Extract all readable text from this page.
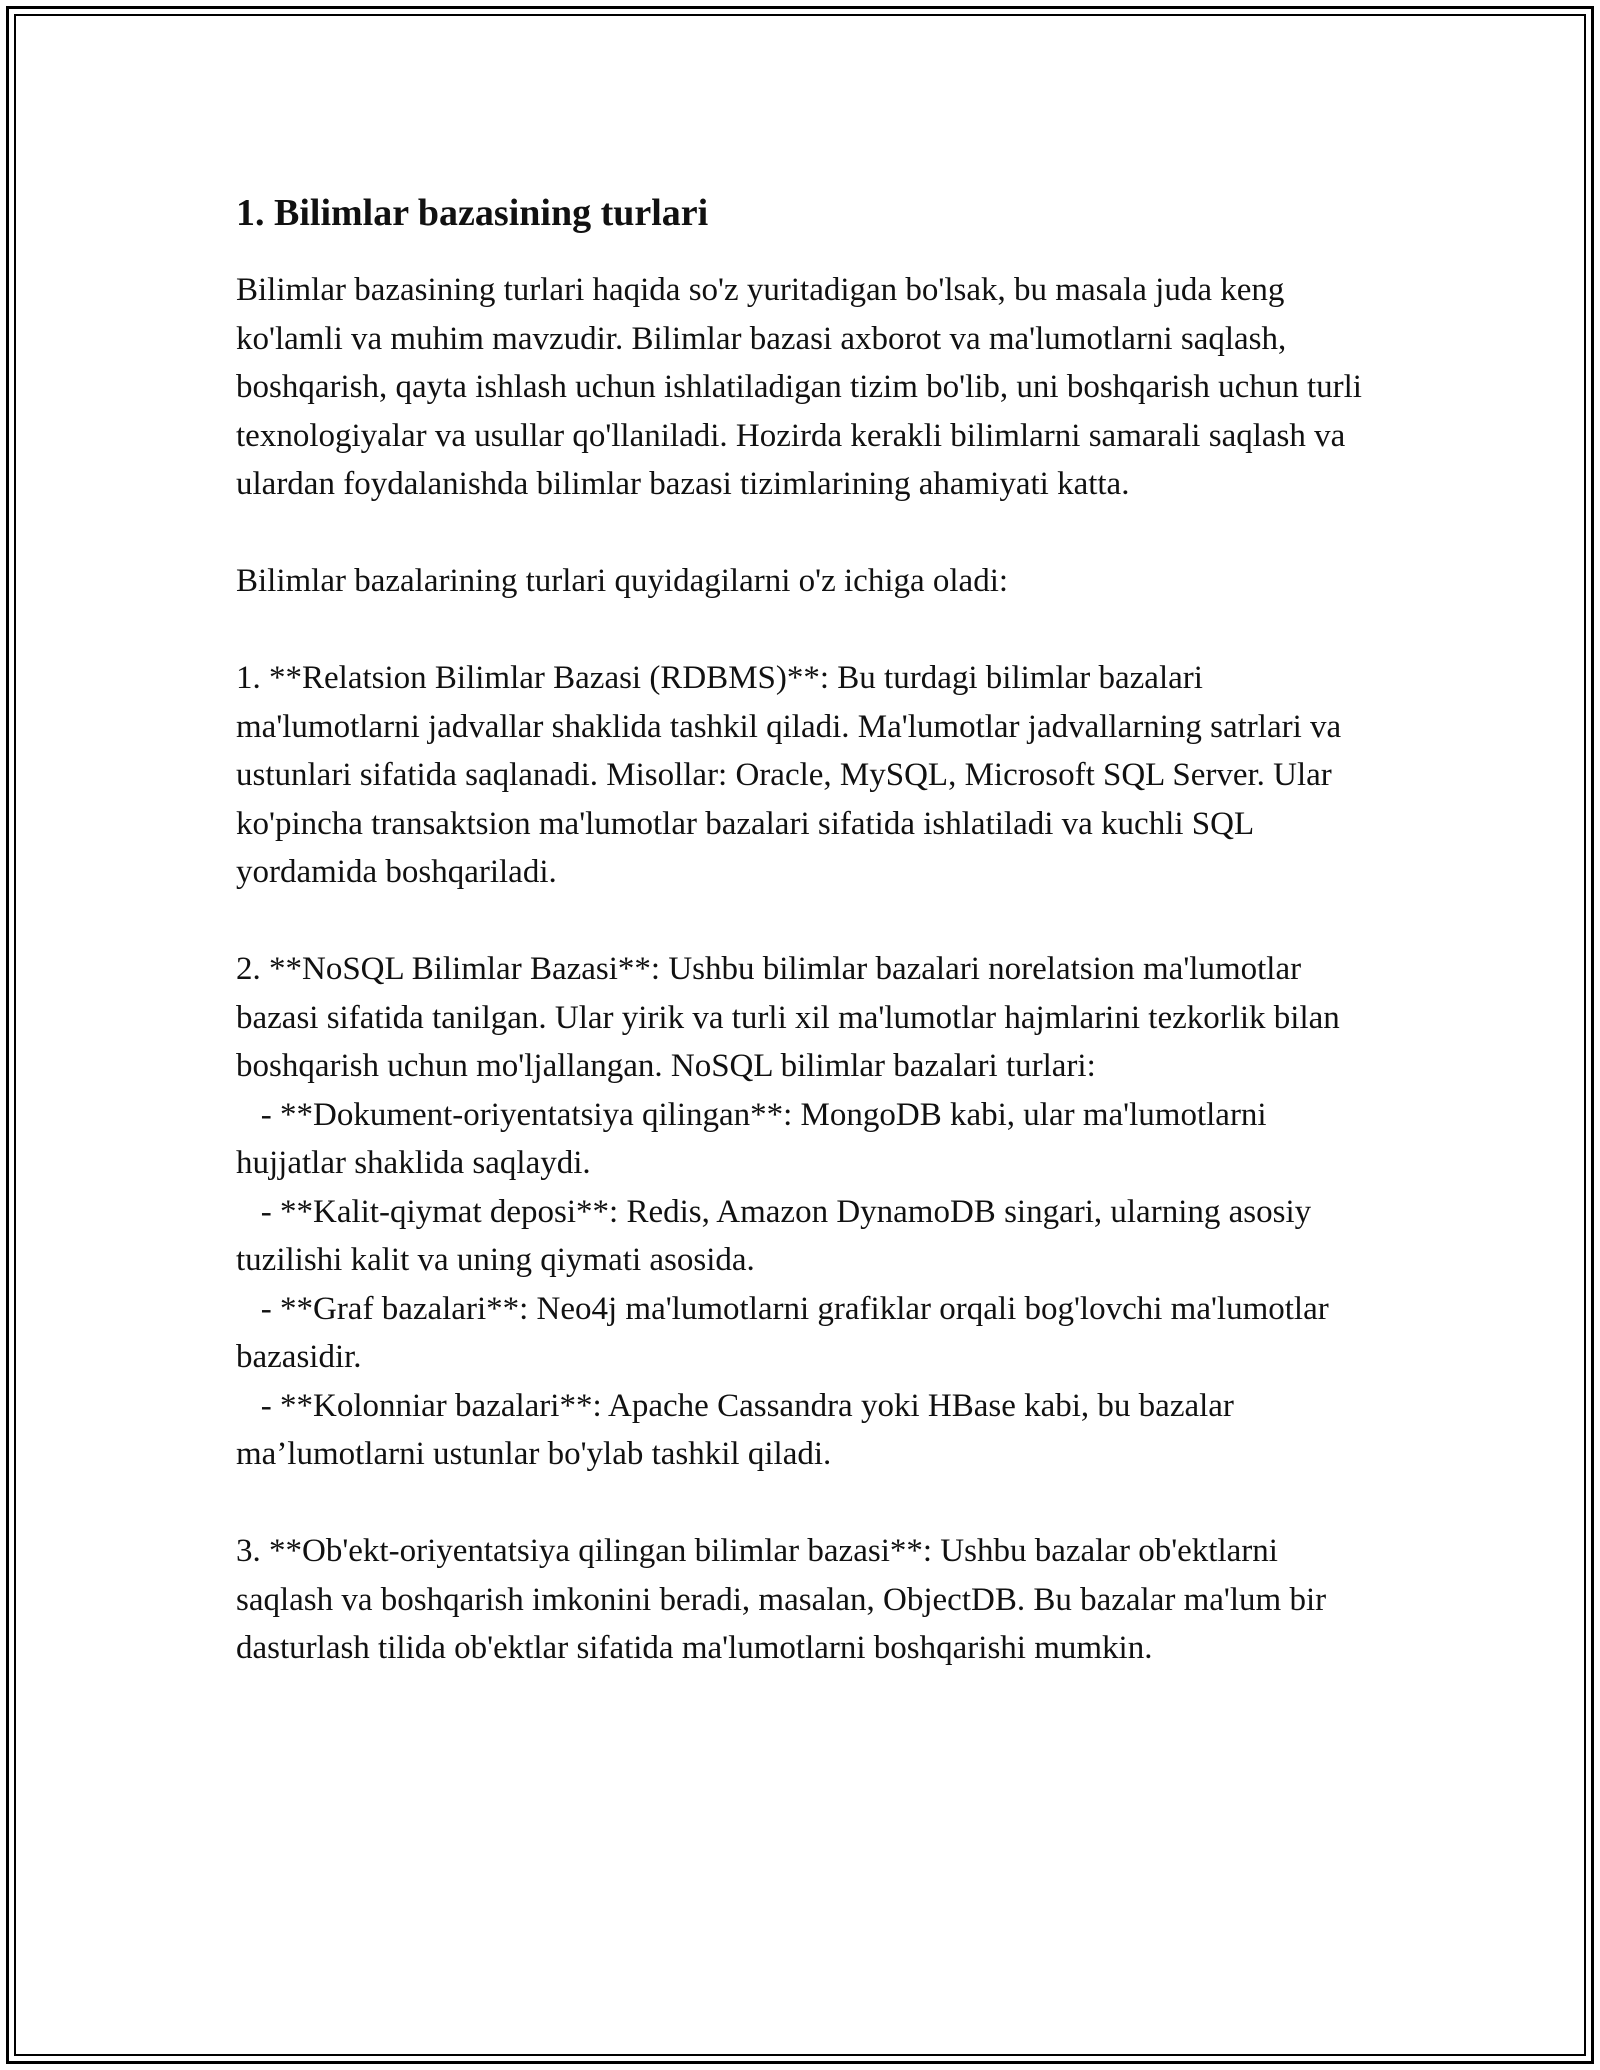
1. Bilimlar bazasining turlari

Bilimlar bazasining turlari haqida so'z yuritadigan bo'lsak, bu masala juda keng ko'lamli va muhim mavzudir. Bilimlar bazasi axborot va ma'lumotlarni saqlash, boshqarish, qayta ishlash uchun ishlatiladigan tizim bo'lib, uni boshqarish uchun turli texnologiyalar va usullar qo'llaniladi. Hozirda kerakli bilimlarni samarali saqlash va ulardan foydalanishda bilimlar bazasi tizimlarining ahamiyati katta.

Bilimlar bazalarining turlari quyidagilarni o'z ichiga oladi:

1. **Relatsion Bilimlar Bazasi (RDBMS)**: Bu turdagi bilimlar bazalari ma'lumotlarni jadvallar shaklida tashkil qiladi. Ma'lumotlar jadvallarning satrlari va ustunlari sifatida saqlanadi. Misollar: Oracle, MySQL, Microsoft SQL Server. Ular ko'pincha transaktsion ma'lumotlar bazalari sifatida ishlatiladi va kuchli SQL yordamida boshqariladi.

2. **NoSQL Bilimlar Bazasi**: Ushbu bilimlar bazalari norelatsion ma'lumotlar bazasi sifatida tanilgan. Ular yirik va turli xil ma'lumotlar hajmlarini tezkorlik bilan boshqarish uchun mo'ljallangan. NoSQL bilimlar bazalari turlari:

- **Dokument-oriyentatsiya qilingan**: MongoDB kabi, ular ma'lumotlarni hujjatlar shaklida saqlaydi.
- **Kalit-qiymat deposi**: Redis, Amazon DynamoDB singari, ularning asosiy tuzilishi kalit va uning qiymati asosida.
- **Graf bazalari**: Neo4j ma'lumotlarni grafiklar orqali bog'lovchi ma'lumotlar bazasidir.
- **Kolonniar bazalari**: Apache Cassandra yoki HBase kabi, bu bazalar ma’lumotlarni ustunlar bo'ylab tashkil qiladi.

3. **Ob'ekt-oriyentatsiya qilingan bilimlar bazasi**: Ushbu bazalar ob'ektlarni saqlash va boshqarish imkonini beradi, masalan, ObjectDB. Bu bazalar ma'lum bir dasturlash tilida ob'ektlar sifatida ma'lumotlarni boshqarishi mumkin.
